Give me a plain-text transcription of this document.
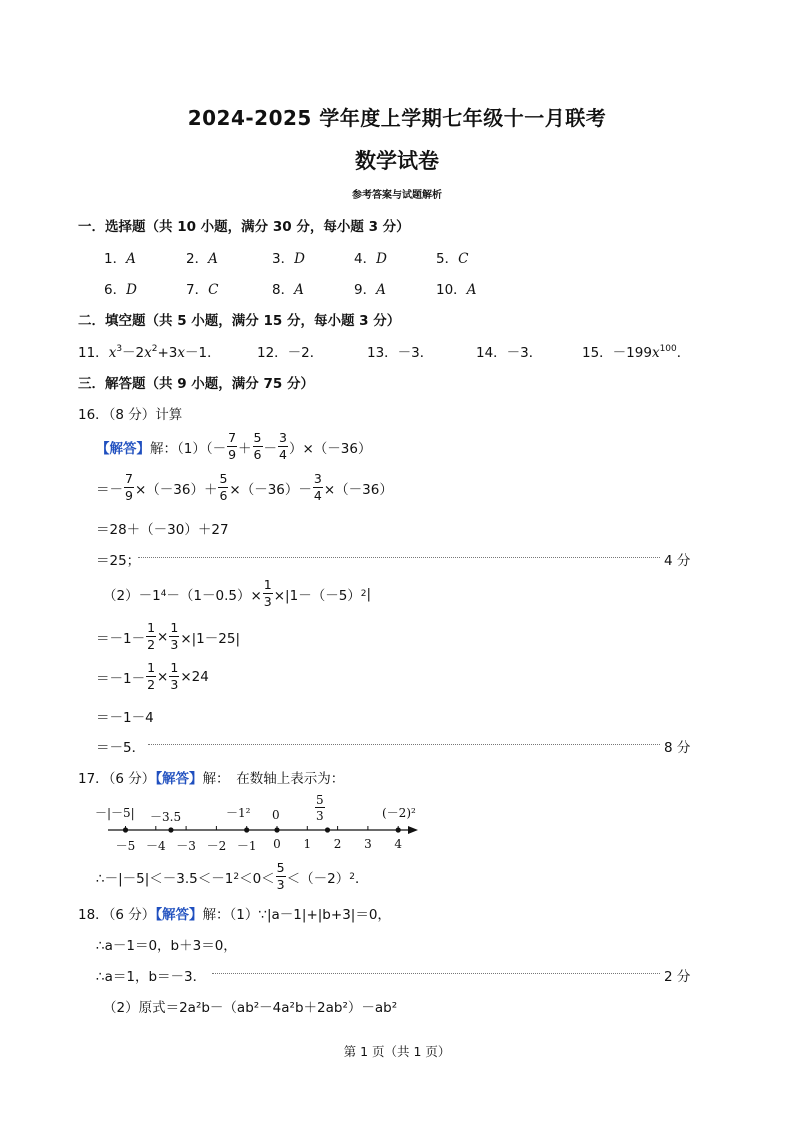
2024-2025 学年度上学期七年级十一月联考
数学试卷
参考答案与试题解析
一．选择题（共 10 小题，满分 30 分，每小题 3 分）
1．A	2．A	3．D	4．D	5．C
6．D	7．C	8．A	9．A	10．A
二．填空题（共 5 小题，满分 15 分，每小题 3 分）
11．$x^3-2x^2+3x-1$．	12．－2．	13．－3．	14．－3．	15．$-199x^{100}$．
三．解答题（共 9 小题，满分 75 分）
16．（8 分）计算
【解答】 解：$(1)(- \frac{7}{9} + \frac{5}{6} - \frac{3}{4} )\times(-36)$
＝－ $\frac{7}{9} \times(-36)+ \frac{5}{6} \times(-36)- \frac{3}{4} \times(-36)$
＝28＋（－30）＋27
＝25；	4 分
（2）－1 $4 -(1-0.5)\times \frac{1}{3} \times|1-(-5)$ 2 |
$=-1- \frac{1}{2} \times \frac{1}{3} \times|1-25|$
$=-1- \frac{1}{2} \times \frac{1}{3} \times 24$
＝－1－4
＝－5．	8 分
17．（6 分）【解答】解：　在数轴上表示为：
－5 －4 －3 －2 －1	0	1	2	3	4
－|－5| －3.5	－1² 0	(－2)²
$\frac{5}{3}$
∴－|－5|＜－3.5＜－1 $2 <0< \frac{5}{3} <(-2)$ 2 ．
18．（6 分）【解答】解：（1）∵|a－1|+|b+3|＝0，
∴a－1＝0，b＋3＝0，
∴a＝1，b＝－3．	2 分
（2）原式＝2a²b－（ab²－4a²b＋2ab²）－ab²
第 1 页（共 1 页）
